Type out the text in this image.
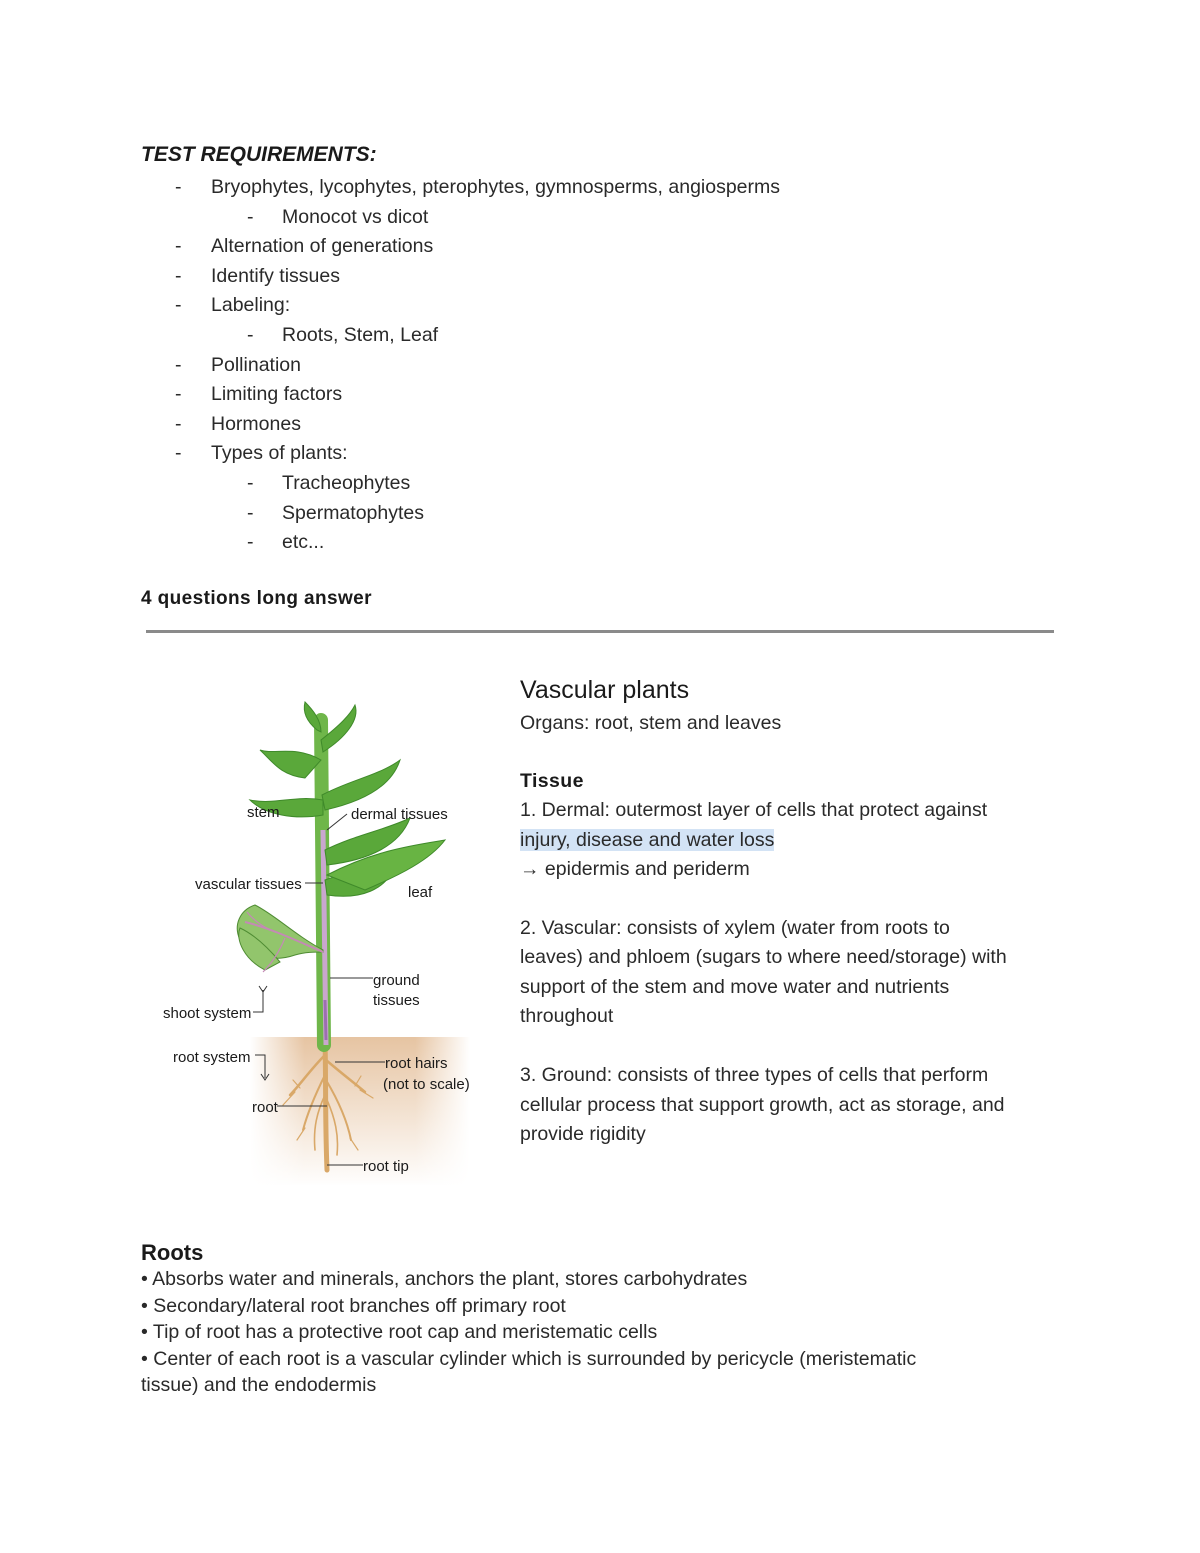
TEST REQUIREMENTS:
- Bryophytes, lycophytes, pterophytes, gymnosperms, angiosperms
- Monocot vs dicot
- Alternation of generations
- Identify tissues
- Labeling:
- Roots, Stem, Leaf
- Pollination
- Limiting factors
- Hormones
- Types of plants:
- Tracheophytes
- Spermatophytes
- etc...
4 questions long answer
stem	dermal tissues
vascular tissues	leaf
ground
tissues
shoot system
root system	root hairs
(not to scale)
root
root tip
Vascular plants
Organs: root, stem and leaves
Tissue
1. Dermal: outermost layer of cells that protect against
injury, disease and water loss
→ epidermis and periderm
2. Vascular: consists of xylem (water from roots to
leaves) and phloem (sugars to where need/storage) with
support of the stem and move water and nutrients
throughout
3. Ground: consists of three types of cells that perform
cellular process that support growth, act as storage, and
provide rigidity
Roots
• Absorbs water and minerals, anchors the plant, stores carbohydrates
• Secondary/lateral root branches off primary root
• Tip of root has a protective root cap and meristematic cells
• Center of each root is a vascular cylinder which is surrounded by pericycle (meristematic
tissue) and the endodermis
